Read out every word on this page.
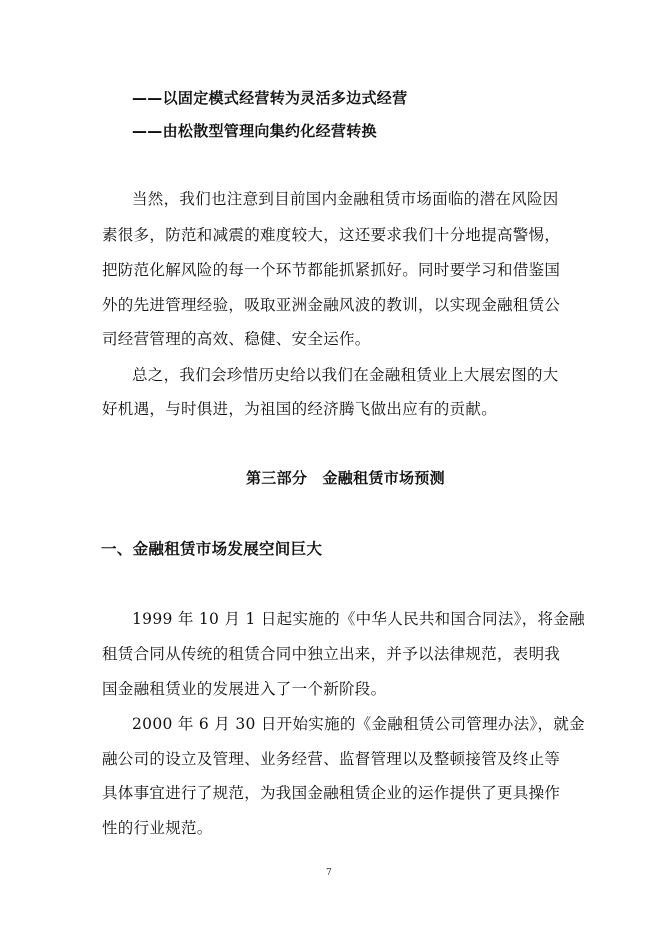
——以固定模式经营转为灵活多边式经营
——由松散型管理向集约化经营转换
当然，我们也注意到目前国内金融租赁市场面临的潜在风险因
素很多，防范和减震的难度较大，这还要求我们十分地提高警惕，
把防范化解风险的每一个环节都能抓紧抓好。同时要学习和借鉴国
外的先进管理经验，吸取亚洲金融风波的教训，以实现金融租赁公
司经营管理的高效、稳健、安全运作。
总之，我们会珍惜历史给以我们在金融租赁业上大展宏图的大
好机遇，与时俱进，为祖国的经济腾飞做出应有的贡献。
第三部分　金融租赁市场预测
一、金融租赁市场发展空间巨大
1999 年 10 月 1 日起实施的《中华人民共和国合同法》，将金融
租赁合同从传统的租赁合同中独立出来，并予以法律规范，表明我
国金融租赁业的发展进入了一个新阶段。
2000 年 6 月 30 日开始实施的《金融租赁公司管理办法》，就金
融公司的设立及管理、业务经营、监督管理以及整顿接管及终止等
具体事宜进行了规范，为我国金融租赁企业的运作提供了更具操作
性的行业规范。
7
